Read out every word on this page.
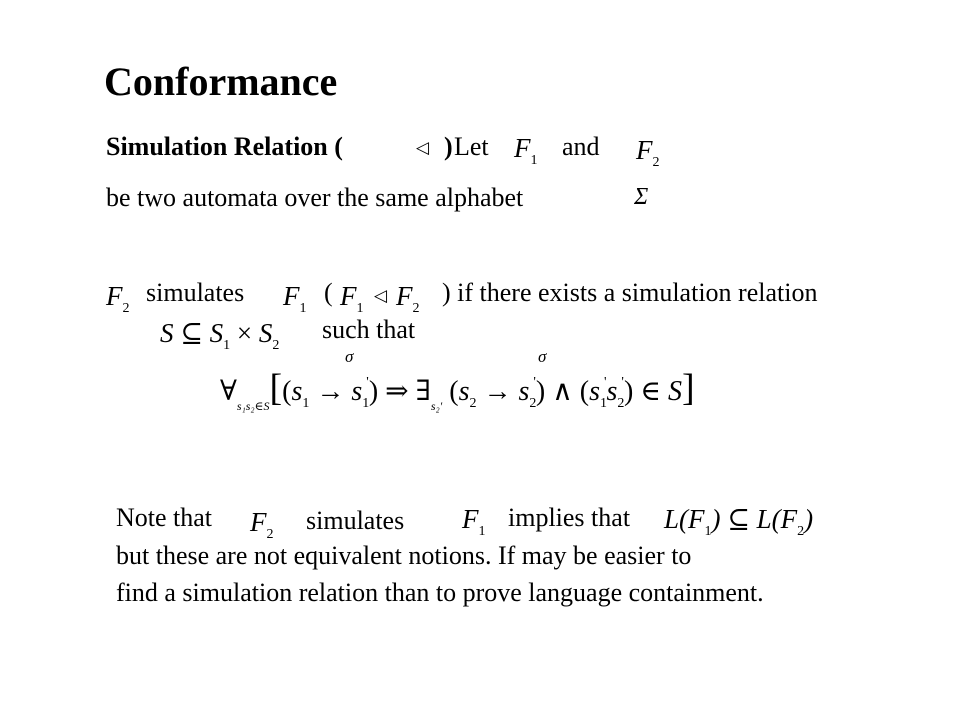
Conformance
Simulation Relation (	◁ ) Let $F_1$ and $F_2$
be two automata over the same alphabet	Σ
$F_2$
simulates $F_1$
( $F_1$
◁ $F_2$
) if there exists a simulation relation
S ⊆ $S_1 \times S_2$
such that
σ	σ
$\forall_{s_1s_2\in S}[(s_1 \to s_1')$ ⇒ $\exists_{s_2'}$ $(s_2 \to s_2')$ ∧ $(s_1's_2')$ ∈ S]
Note that $F_2$ simulates $F_1$ implies that $L(F_1)$ ⊆ $L(F_2)$
but these are not equivalent notions. If may be easier to
find a simulation relation than to prove language containment.
